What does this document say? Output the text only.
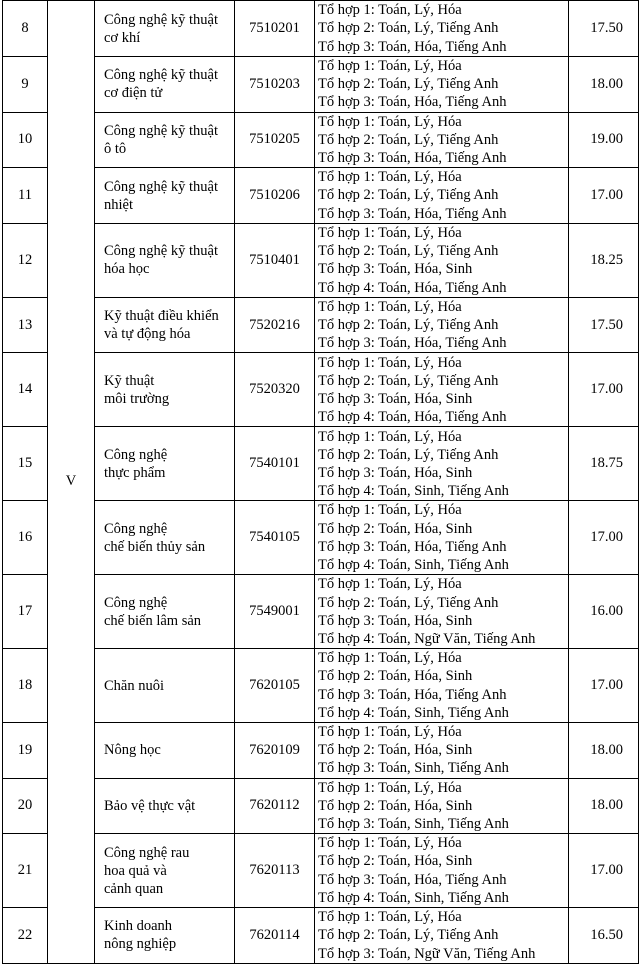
8	V	Công nghệ kỹ thuật
cơ khí	7510201	Tổ hợp 1: Toán, Lý, Hóa
Tổ hợp 2: Toán, Lý, Tiếng Anh
Tổ hợp 3: Toán, Hóa, Tiếng Anh	17.50
9		Công nghệ kỹ thuật
cơ điện tử	7510203	Tổ hợp 1: Toán, Lý, Hóa
Tổ hợp 2: Toán, Lý, Tiếng Anh
Tổ hợp 3: Toán, Hóa, Tiếng Anh	18.00
10		Công nghệ kỹ thuật
ô tô	7510205	Tổ hợp 1: Toán, Lý, Hóa
Tổ hợp 2: Toán, Lý, Tiếng Anh
Tổ hợp 3: Toán, Hóa, Tiếng Anh	19.00
11		Công nghệ kỹ thuật
nhiệt	7510206	Tổ hợp 1: Toán, Lý, Hóa
Tổ hợp 2: Toán, Lý, Tiếng Anh
Tổ hợp 3: Toán, Hóa, Tiếng Anh	17.00
12		Công nghệ kỹ thuật
hóa học	7510401	Tổ hợp 1: Toán, Lý, Hóa
Tổ hợp 2: Toán, Lý, Tiếng Anh
Tổ hợp 3: Toán, Hóa, Sinh
Tổ hợp 4: Toán, Hóa, Tiếng Anh	18.25
13		Kỹ thuật điều khiển
và tự động hóa	7520216	Tổ hợp 1: Toán, Lý, Hóa
Tổ hợp 2: Toán, Lý, Tiếng Anh
Tổ hợp 3: Toán, Hóa, Tiếng Anh	17.50
14		Kỹ thuật
môi trường	7520320	Tổ hợp 1: Toán, Lý, Hóa
Tổ hợp 2: Toán, Lý, Tiếng Anh
Tổ hợp 3: Toán, Hóa, Sinh
Tổ hợp 4: Toán, Hóa, Tiếng Anh	17.00
15		Công nghệ
thực phẩm	7540101	Tổ hợp 1: Toán, Lý, Hóa
Tổ hợp 2: Toán, Lý, Tiếng Anh
Tổ hợp 3: Toán, Hóa, Sinh
Tổ hợp 4: Toán, Sinh, Tiếng Anh	18.75
16		Công nghệ
chế biến thủy sản	7540105	Tổ hợp 1: Toán, Lý, Hóa
Tổ hợp 2: Toán, Hóa, Sinh
Tổ hợp 3: Toán, Hóa, Tiếng Anh
Tổ hợp 4: Toán, Sinh, Tiếng Anh	17.00
17		Công nghệ
chế biến lâm sản	7549001	Tổ hợp 1: Toán, Lý, Hóa
Tổ hợp 2: Toán, Lý, Tiếng Anh
Tổ hợp 3: Toán, Hóa, Sinh
Tổ hợp 4: Toán, Ngữ Văn, Tiếng Anh	16.00
18		Chăn nuôi	7620105	Tổ hợp 1: Toán, Lý, Hóa
Tổ hợp 2: Toán, Hóa, Sinh
Tổ hợp 3: Toán, Hóa, Tiếng Anh
Tổ hợp 4: Toán, Sinh, Tiếng Anh	17.00
19		Nông học	7620109	Tổ hợp 1: Toán, Lý, Hóa
Tổ hợp 2: Toán, Hóa, Sinh
Tổ hợp 3: Toán, Sinh, Tiếng Anh	18.00
20		Bảo vệ thực vật	7620112	Tổ hợp 1: Toán, Lý, Hóa
Tổ hợp 2: Toán, Hóa, Sinh
Tổ hợp 3: Toán, Sinh, Tiếng Anh	18.00
21		Công nghệ rau
hoa quả và
cảnh quan	7620113	Tổ hợp 1: Toán, Lý, Hóa
Tổ hợp 2: Toán, Hóa, Sinh
Tổ hợp 3: Toán, Hóa, Tiếng Anh
Tổ hợp 4: Toán, Sinh, Tiếng Anh	17.00
22		Kinh doanh
nông nghiệp	7620114	Tổ hợp 1: Toán, Lý, Hóa
Tổ hợp 2: Toán, Lý, Tiếng Anh
Tổ hợp 3: Toán, Ngữ Văn, Tiếng Anh	16.50
